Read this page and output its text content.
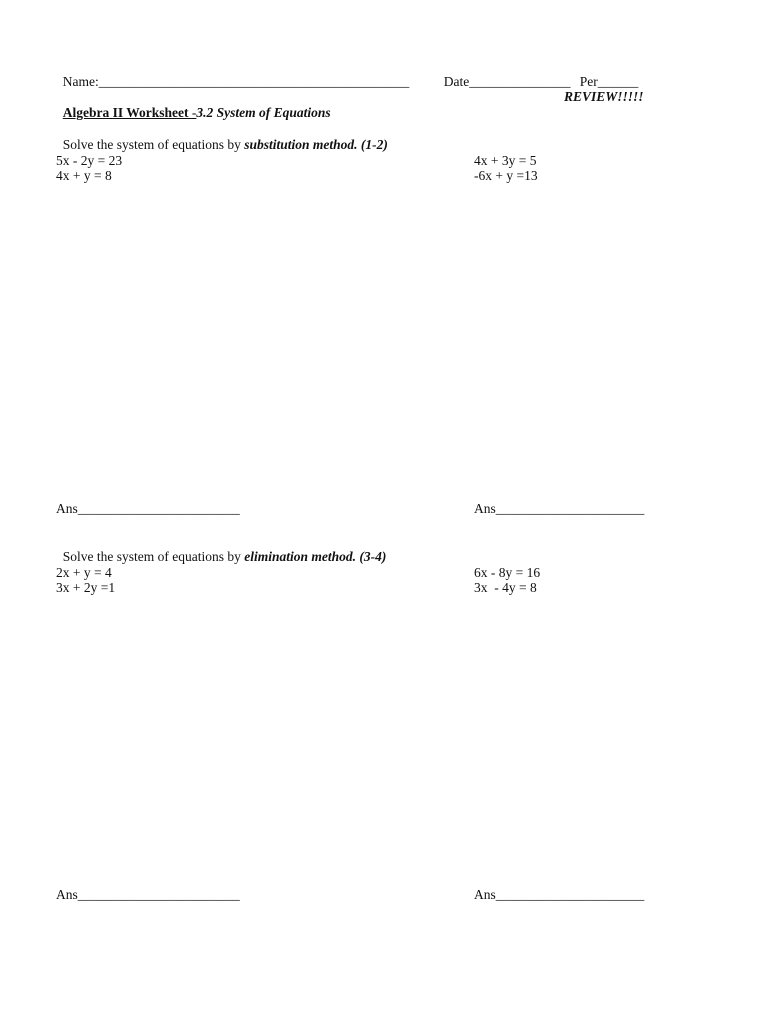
Name:______________________________________________	Date_______________ Per______

Algebra II Worksheet -3.2 System of Equations

REVIEW!!!!!

Solve the system of equations by substitution method. (1-2)

5x - 2y = 23
4x + y = 8
4x + 3y = 5
-6x + y =13
Ans________________________	Ans______________________

Solve the system of equations by elimination method. (3-4)

2x + y = 4
3x + 2y =1
6x - 8y = 16
3x  - 4y = 8
Ans________________________	Ans______________________
